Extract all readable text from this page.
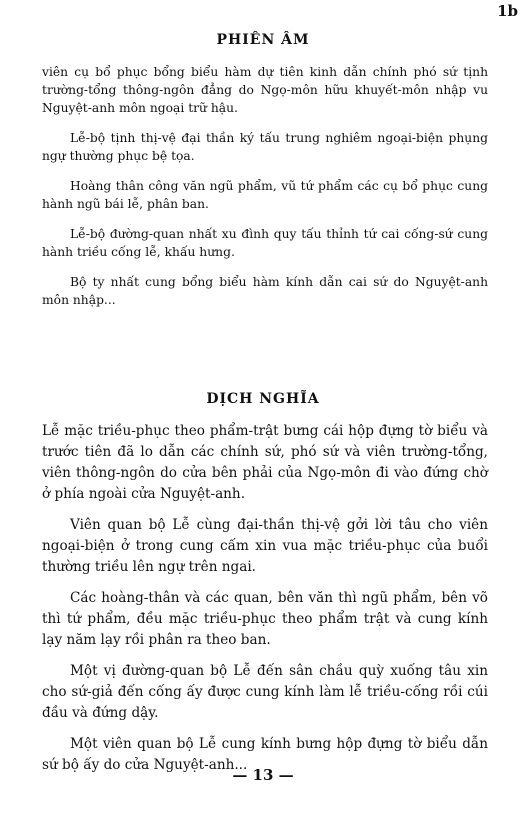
1b
PHIÊN ÂM

viên cụ bổ phục bổng biểu hàm dự tiên kinh dẫn chính phó sứ tịnh trường-tổng thông-ngôn đẳng do Ngọ-môn hữu khuyết-môn nhập vu Nguyệt-anh môn ngoại trữ hậu.

Lễ-bộ tịnh thị-vệ đại thần ký tấu trung nghiêm ngoại-biện phụng ngự thường phục bệ tọa.

Hoàng thân công văn ngũ phẩm, vũ tứ phẩm các cụ bổ phục cung hành ngũ bái lễ, phân ban.

Lễ-bộ đường-quan nhất xu đình quy tấu thỉnh tứ cai cống-sứ cung hành triều cống lễ, khấu hưng.

Bộ ty nhất cung bổng biểu hàm kính dẫn cai sứ do Nguyệt-anh môn nhập...

DỊCH NGHĨA

Lễ mặc triều-phục theo phẩm-trật bưng cái hộp đựng tờ biểu và trước tiên đã lo dẫn các chính sứ, phó sứ và viên trường-tổng, viên thông-ngôn do cửa bên phải của Ngọ-môn đi vào đứng chờ ở phía ngoài cửa Nguyệt-anh.

Viên quan bộ Lễ cùng đại-thần thị-vệ gởi lời tâu cho viên ngoại-biện ở trong cung cấm xin vua mặc triều-phục của buổi thường triều lên ngự trên ngai.

Các hoàng-thân và các quan, bên văn thì ngũ phẩm, bên võ thì tứ phẩm, đều mặc triều-phục theo phẩm trật và cung kính lạy năm lạy rồi phân ra theo ban.

Một vị đường-quan bộ Lễ đến sân chầu quỳ xuống tâu xin cho sứ-giả đến cống ấy được cung kính làm lễ triều-cống rồi cúi đầu và đứng dậy.

Một viên quan bộ Lễ cung kính bưng hộp đựng tờ biểu dẫn sứ bộ ấy do cửa Nguyệt-anh...

— 13 —
